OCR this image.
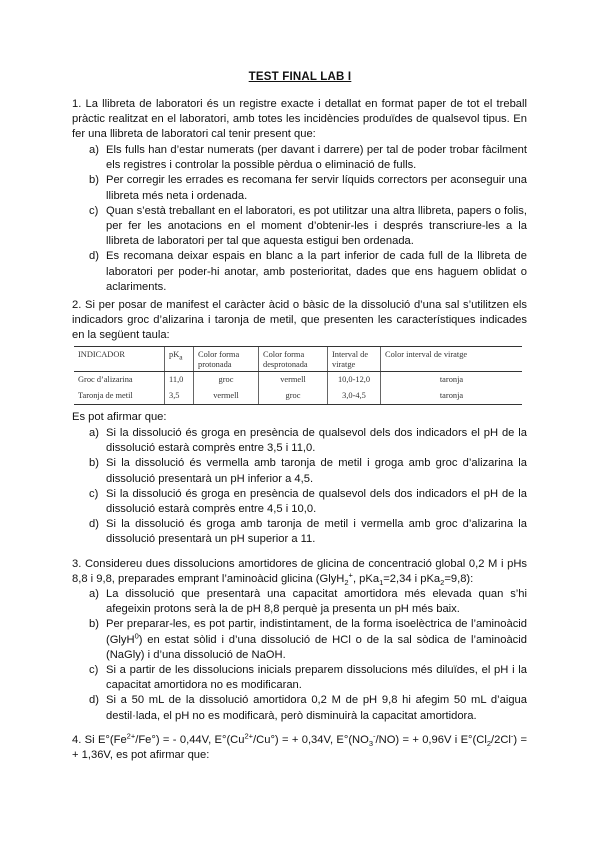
TEST FINAL LAB I

1. La llibreta de laboratori és un registre exacte i detallat en format paper de tot el treball pràctic realitzat en el laboratori, amb totes les incidències produïdes de qualsevol tipus. En fer una llibreta de laboratori cal tenir present que:

a) Els fulls han d’estar numerats (per davant i darrere) per tal de poder trobar fàcilment els registres i controlar la possible pèrdua o eliminació de fulls.
b) Per corregir les errades es recomana fer servir líquids correctors per aconseguir una llibreta més neta i ordenada.
c) Quan s’està treballant en el laboratori, es pot utilitzar una altra llibreta, papers o folis, per fer les anotacions en el moment d’obtenir-les i després transcriure-les a la llibreta de laboratori per tal que aquesta estigui ben ordenada.
d) Es recomana deixar espais en blanc a la part inferior de cada full de la llibreta de laboratori per poder-hi anotar, amb posterioritat, dades que ens haguem oblidat o aclariments.

2. Si per posar de manifest el caràcter àcid o bàsic de la dissolució d’una sal s’utilitzen els indicadors groc d’alizarina i taronja de metil, que presenten les característiques indicades en la següent taula:

INDICADOR	$pK_a$	Color forma protonada	Color forma desprotonada	Interval de viratge	Color interval de viratge
Groc d’alizarina	11,0	groc	vermell	10,0-12,0	taronja
Taronja de metil	3,5	vermell	groc	3,0-4,5	taronja

Es pot afirmar que:

a) Si la dissolució és groga en presència de qualsevol dels dos indicadors el pH de la dissolució estarà comprès entre 3,5 i 11,0.
b) Si la dissolució és vermella amb taronja de metil i groga amb groc d’alizarina la dissolució presentarà un pH inferior a 4,5.
c) Si la dissolució és groga en presència de qualsevol dels dos indicadors el pH de la dissolució estarà comprès entre 4,5 i 10,0.
d) Si la dissolució és groga amb taronja de metil i vermella amb groc d’alizarina la dissolució presentarà un pH superior a 11.

3. Considereu dues dissolucions amortidores de glicina de concentració global 0,2 M i pHs 8,8 i 9,8, preparades emprant l’aminoàcid glicina (GlyH$_2$+, pKa$_1$=2,34 i pKa$_2$=9,8):

a) La dissolució que presentarà una capacitat amortidora més elevada quan s’hi afegeixin protons serà la de pH 8,8 perquè ja presenta un pH més baix.
b) Per preparar-les, es pot partir, indistintament, de la forma isoelèctrica de l’aminoàcid (GlyH$^0$) en estat sòlid i d’una dissolució de HCl o de la sal sòdica de l’aminoàcid (NaGly) i d’una dissolució de NaOH.
c) Si a partir de les dissolucions inicials preparem dissolucions més diluïdes, el pH i la capacitat amortidora no es modificaran.
d) Si a 50 mL de la dissolució amortidora 0,2 M de pH 9,8 hi afegim 50 mL d’aigua destil·lada, el pH no es modificarà, però disminuirà la capacitat amortidora.

4. Si $E^\circ(Fe^{2+}/Fe^\circ)$ = - 0,44V, $E^\circ(Cu^{2+}/Cu^\circ)$ = + 0,34V, $E^\circ(NO_3^-/NO)$ = + 0,96V i $E^\circ(Cl_2/2Cl^-)$ = + 1,36V, es pot afirmar que:
